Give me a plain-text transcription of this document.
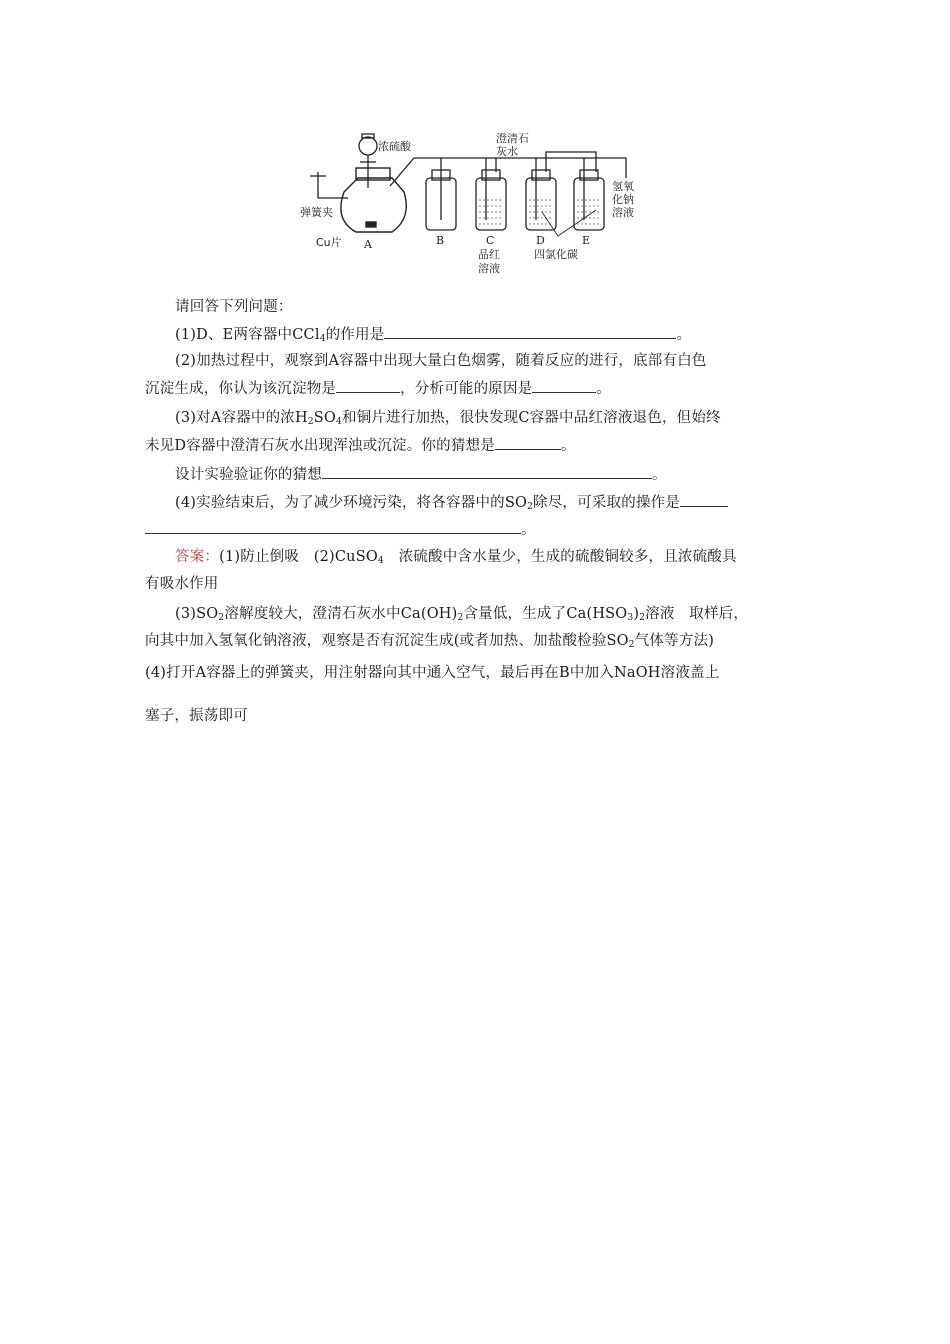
浓硫酸
澄清石
灰水
氢氧
化钠
溶液
弹簧夹
Cu片 A	B	C	D	E
品红
溶液
四氯化碳
请回答下列问题：
(1)D、E两容器中CCl$_4$的作用是	。
(2)加热过程中，观察到A容器中出现大量白色烟雾，随着反应的进行，底部有白色
沉淀生成，你认为该沉淀物是	，分析可能的原因是	。
(3)对A容器中的浓$H_2SO_4$和铜片进行加热，很快发现C容器中品红溶液退色，但始终
未见D容器中澄清石灰水出现浑浊或沉淀。你的猜想是	。
设计实验验证你的猜想	。
(4)实验结束后，为了减少环境污染，将各容器中的$SO_2$除尽，可采取的操作是
。
答案：(1)防止倒吸　(2)CuSO$_4$　浓硫酸中含水量少，生成的硫酸铜较多，且浓硫酸具
有吸水作用
$(3)SO_2$溶解度较大，澄清石灰水中$Ca(OH)_2$含量低，生成了$Ca(HSO_3)_2$溶液　取样后，
向其中加入氢氧化钠溶液，观察是否有沉淀生成(或者加热、加盐酸检验$SO_2$气体等方法)
(4)打开A容器上的弹簧夹，用注射器向其中通入空气，最后再在B中加入NaOH溶液盖上
塞子，振荡即可
